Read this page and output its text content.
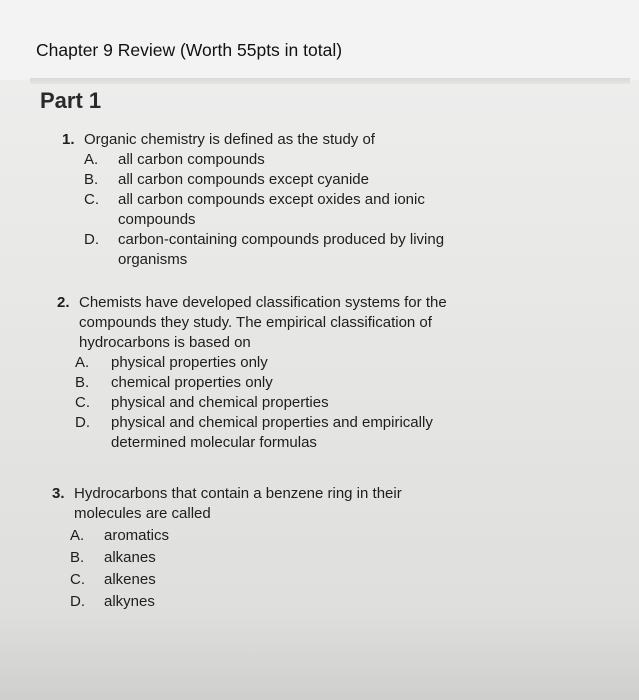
Chapter 9 Review (Worth 55pts in total)
Part 1
1. Organic chemistry is defined as the study of
A.	all carbon compounds
B.	all carbon compounds except cyanide
C.	all carbon compounds except oxides and ionic compounds
D.	carbon-containing compounds produced by living organisms
2. Chemists have developed classification systems for the compounds they study. The empirical classification of hydrocarbons is based on
A.	physical properties only
B.	chemical properties only
C.	physical and chemical properties
D.	physical and chemical properties and empirically determined molecular formulas
3. Hydrocarbons that contain a benzene ring in their molecules are called
A.	aromatics
B.	alkanes
C.	alkenes
D.	alkynes
